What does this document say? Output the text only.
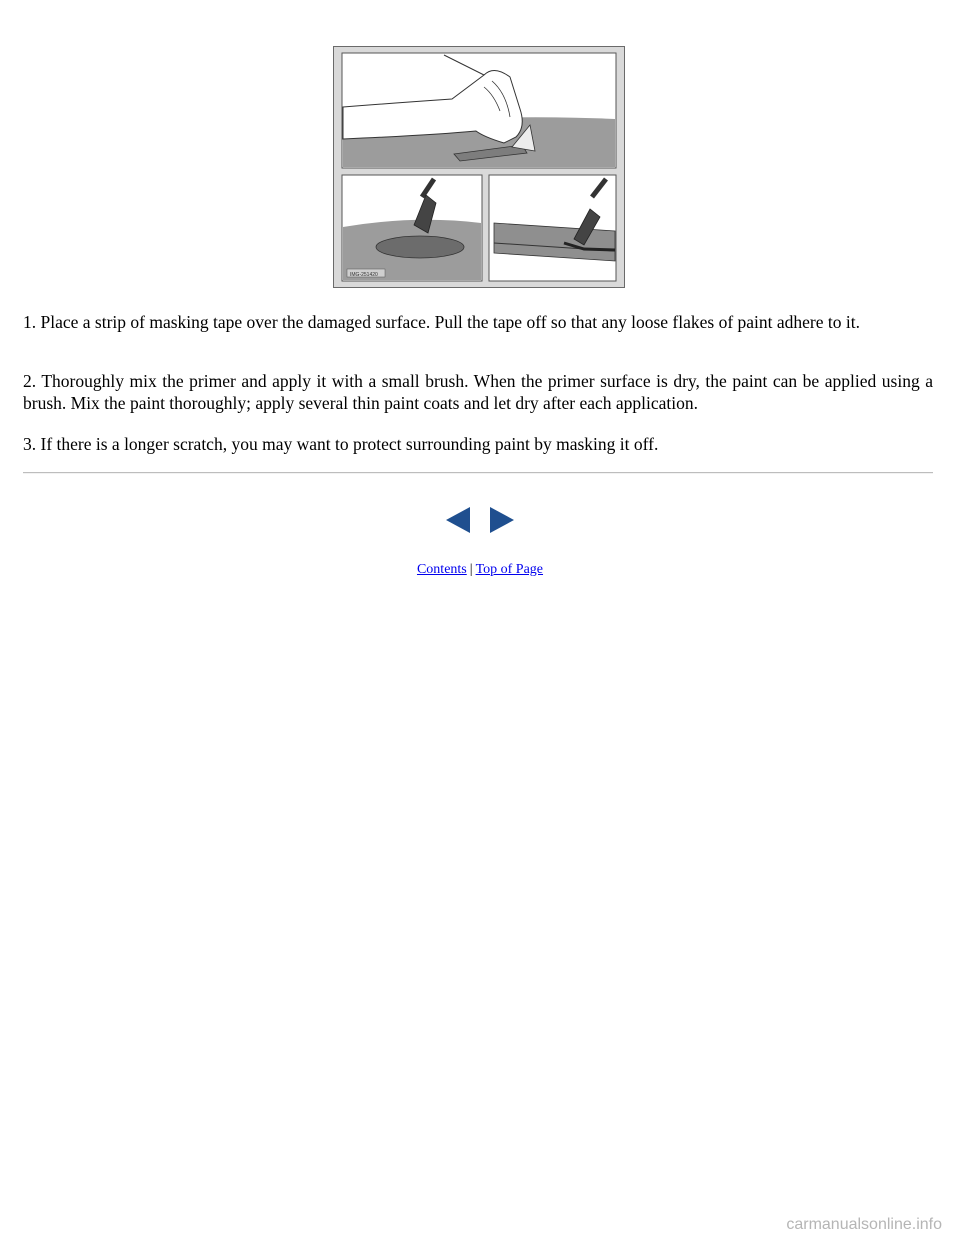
IMG-251420

1. Place a strip of masking tape over the damaged surface. Pull the tape off so that any loose flakes of paint adhere to it.

2. Thoroughly mix the primer and apply it with a small brush. When the primer surface is dry, the paint can be applied using a brush. Mix the paint thoroughly; apply several thin paint coats and let dry after each application.

3. If there is a longer scratch, you may want to protect surrounding paint by masking it off.

Contents | Top of Page
carmanualsonline.info
